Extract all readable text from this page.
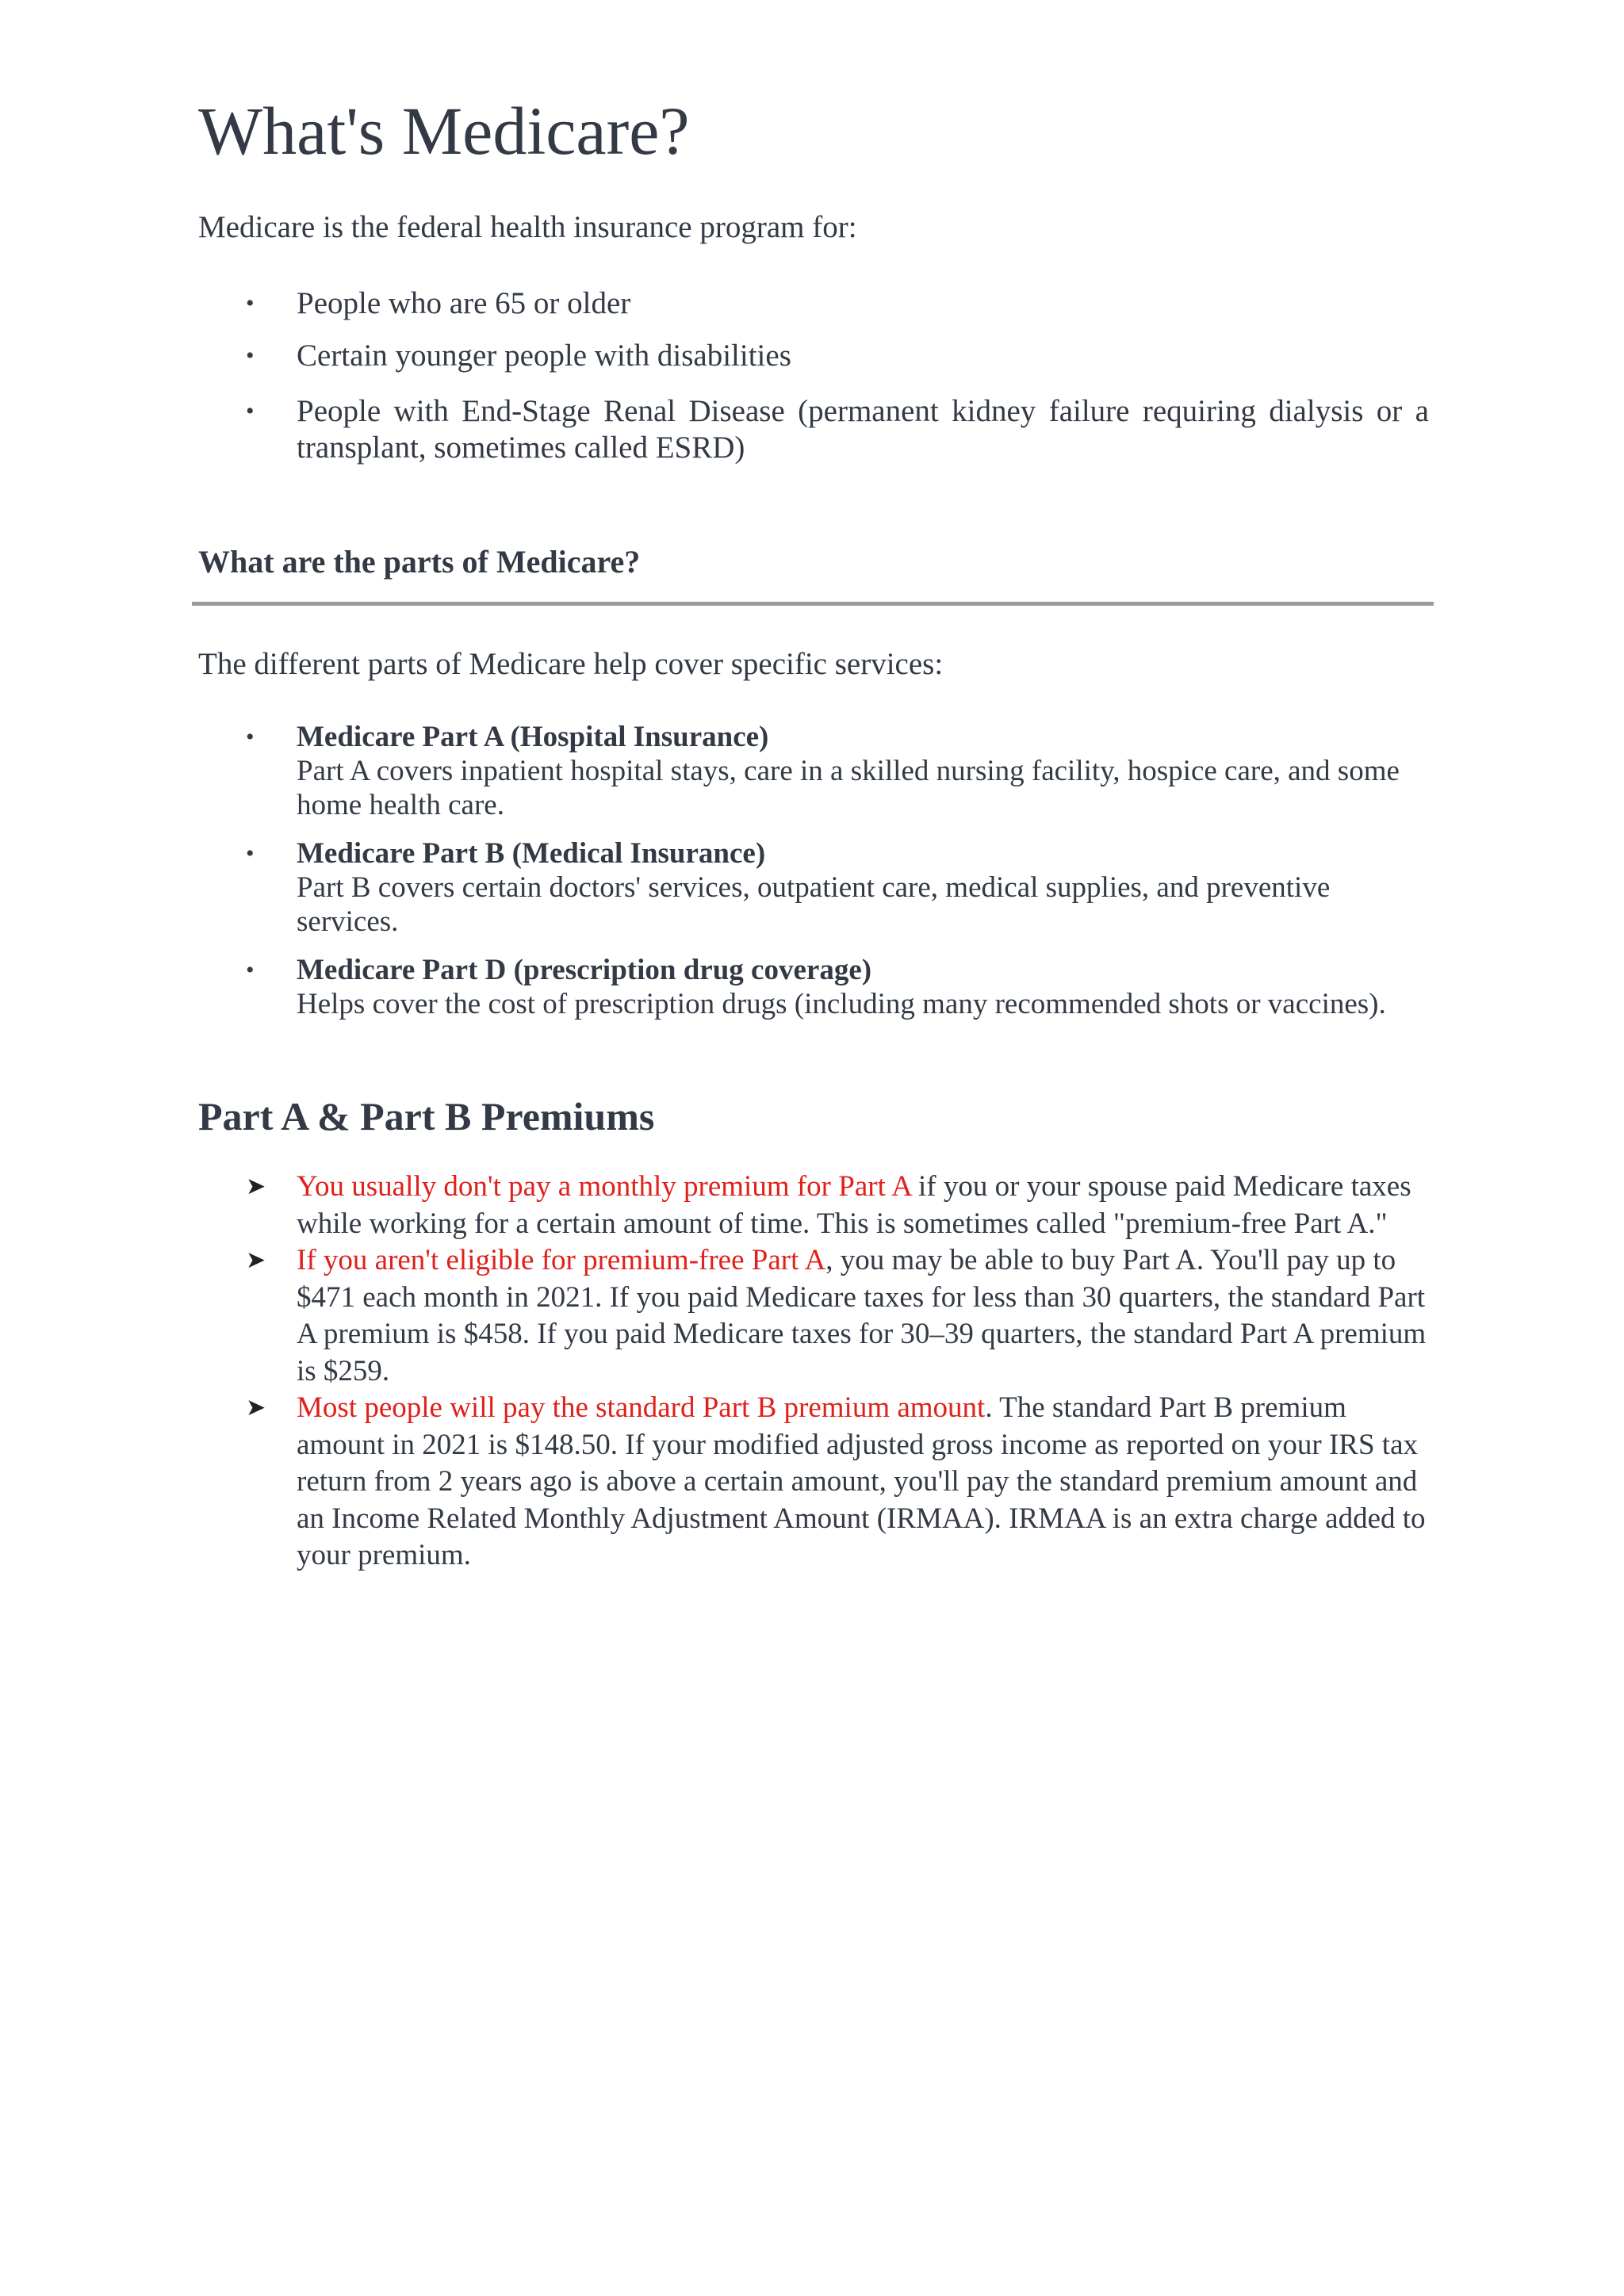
What's Medicare?

Medicare is the federal health insurance program for:

• People who are 65 or older
• Certain younger people with disabilities
• People with End-Stage Renal Disease (permanent kidney failure requiring dialysis or a transplant, sometimes called ESRD)
What are the parts of Medicare?

The different parts of Medicare help cover specific services:

• Medicare Part A (Hospital Insurance)
Part A covers inpatient hospital stays, care in a skilled nursing facility, hospice care, and some home health care.
• Medicare Part B (Medical Insurance)
Part B covers certain doctors' services, outpatient care, medical supplies, and preventive services.
• Medicare Part D (prescription drug coverage)
Helps cover the cost of prescription drugs (including many recommended shots or vaccines).
Part A & Part B Premiums
➤ You usually don't pay a monthly premium for Part A if you or your spouse paid Medicare taxes while working for a certain amount of time. This is sometimes called "premium-free Part A."
➤ If you aren't eligible for premium-free Part A, you may be able to buy Part A. You'll pay up to $471 each month in 2021. If you paid Medicare taxes for less than 30 quarters, the standard Part A premium is $458. If you paid Medicare taxes for 30–39 quarters, the standard Part A premium is $259.
➤ Most people will pay the standard Part B premium amount. The standard Part B premium amount in 2021 is $148.50. If your modified adjusted gross income as reported on your IRS tax return from 2 years ago is above a certain amount, you'll pay the standard premium amount and an Income Related Monthly Adjustment Amount (IRMAA). IRMAA is an extra charge added to your premium.
